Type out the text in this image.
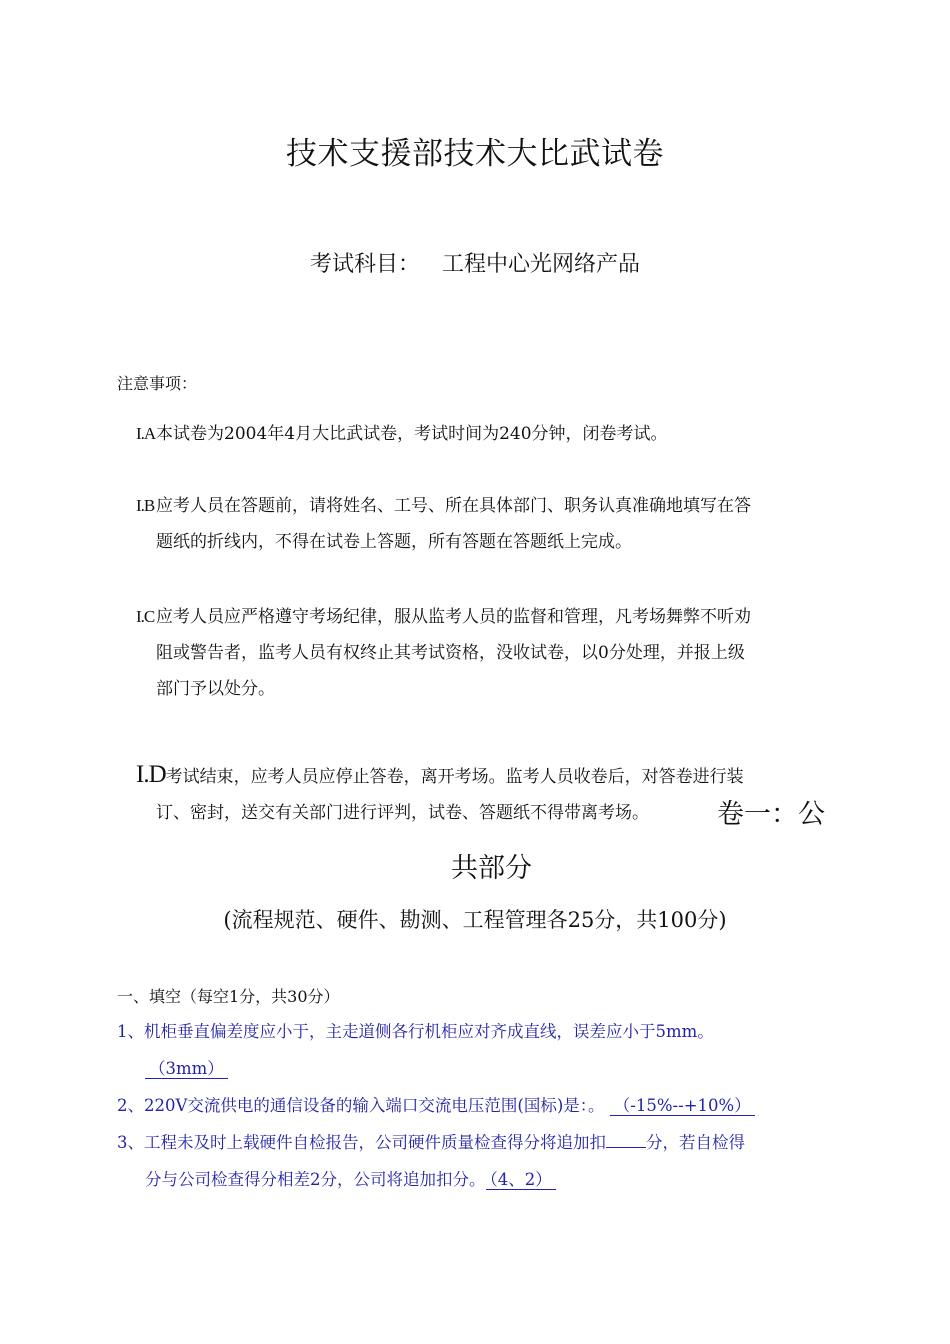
技术支援部技术大比武试卷
考试科目： 工程中心光网络产品
注意事项：
I.A本试卷为2004年4月大比武试卷，考试时间为240分钟，闭卷考试。
I.B 应考人员在答题前，请将姓名、工号、所在具体部门、职务认真准确地填写在答
题纸的折线内，不得在试卷上答题，所有答题在答题纸上完成。
I.C 应考人员应严格遵守考场纪律，服从监考人员的监督和管理，凡考场舞弊不听劝
阻或警告者，监考人员有权终止其考试资格，没收试卷，以0分处理，并报上级
部门予以处分。
I.D考试结束，应考人员应停止答卷，离开考场。监考人员收卷后，对答卷进行装
订、密封，送交有关部门进行评判，试卷、答题纸不得带离考场。	卷一：公
共部分
(流程规范、硬件、勘测、工程管理各25分，共100分)
一、填空（每空1分，共30分）
1、机柜垂直偏差度应小于，主走道侧各行机柜应对齐成直线，误差应小于5mm。
（3mm）
2、220V交流供电的通信设备的输入端口交流电压范围(国标)是：。 （-15%--+10%）
3、工程未及时上载硬件自检报告，公司硬件质量检查得分将追加扣 分，若自检得
分与公司检查得分相差2分，公司将追加扣分。 （4、2）
